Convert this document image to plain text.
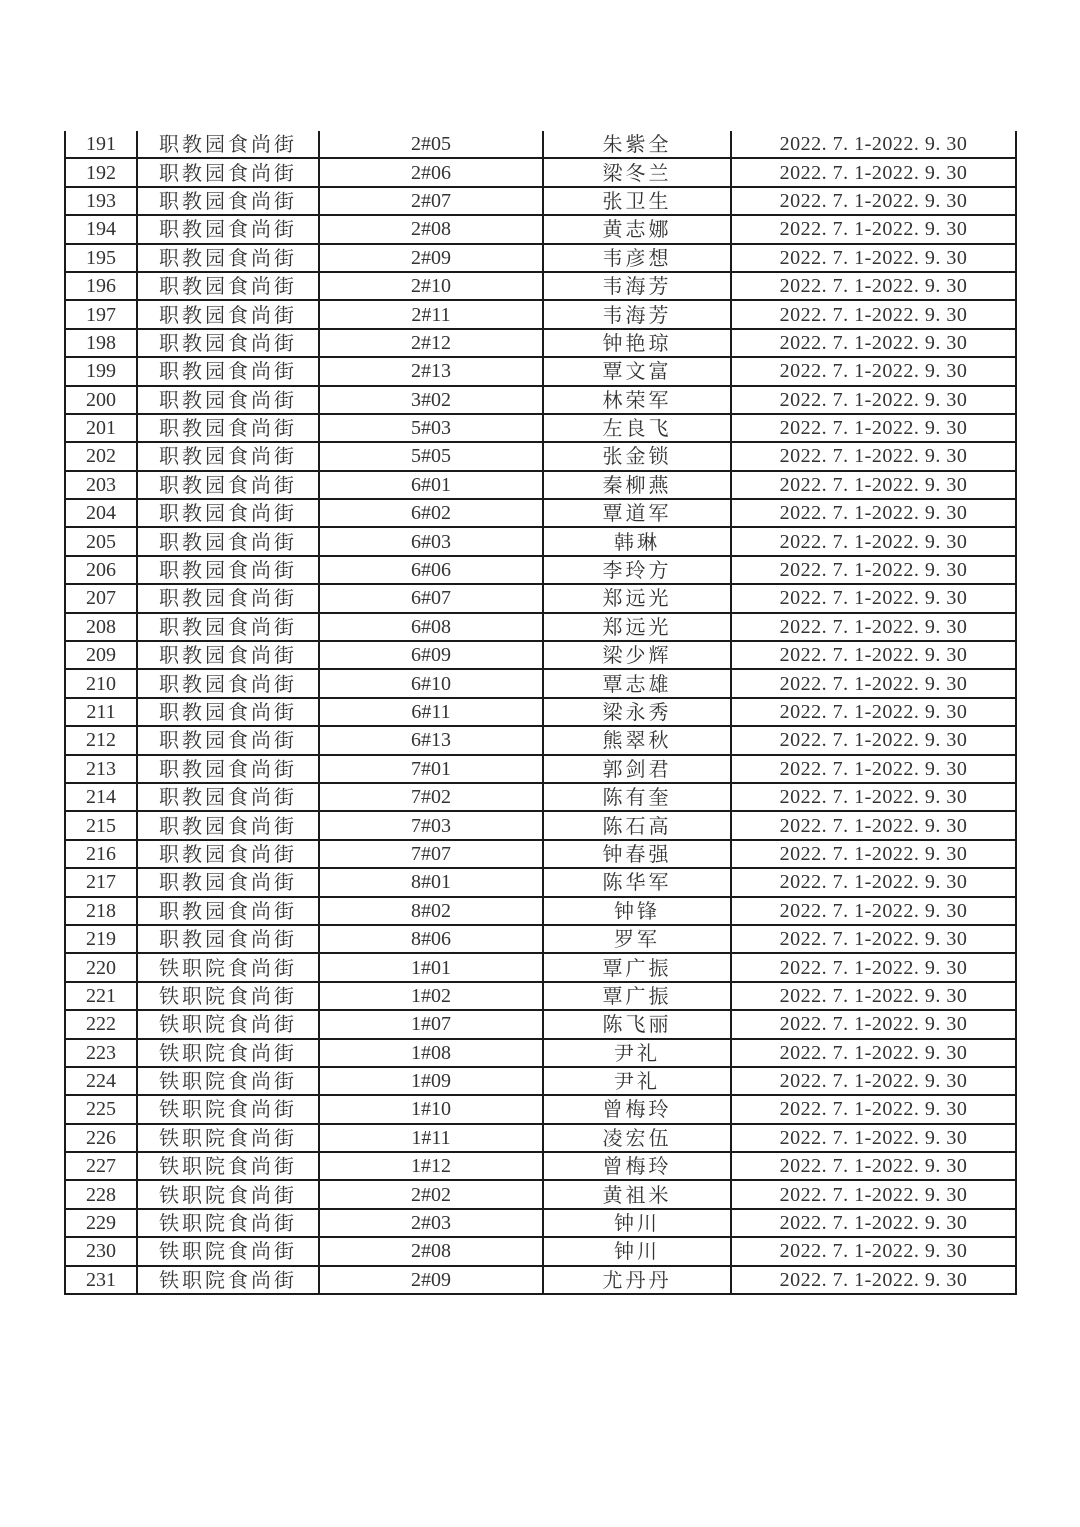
191	职教园食尚街	2#05	朱紫全	2022. 7. 1-2022. 9. 30
192	职教园食尚街	2#06	梁冬兰	2022. 7. 1-2022. 9. 30
193	职教园食尚街	2#07	张卫生	2022. 7. 1-2022. 9. 30
194	职教园食尚街	2#08	黄志娜	2022. 7. 1-2022. 9. 30
195	职教园食尚街	2#09	韦彦想	2022. 7. 1-2022. 9. 30
196	职教园食尚街	2#10	韦海芳	2022. 7. 1-2022. 9. 30
197	职教园食尚街	2#11	韦海芳	2022. 7. 1-2022. 9. 30
198	职教园食尚街	2#12	钟艳琼	2022. 7. 1-2022. 9. 30
199	职教园食尚街	2#13	覃文富	2022. 7. 1-2022. 9. 30
200	职教园食尚街	3#02	林荣军	2022. 7. 1-2022. 9. 30
201	职教园食尚街	5#03	左良飞	2022. 7. 1-2022. 9. 30
202	职教园食尚街	5#05	张金锁	2022. 7. 1-2022. 9. 30
203	职教园食尚街	6#01	秦柳燕	2022. 7. 1-2022. 9. 30
204	职教园食尚街	6#02	覃道军	2022. 7. 1-2022. 9. 30
205	职教园食尚街	6#03	韩琳	2022. 7. 1-2022. 9. 30
206	职教园食尚街	6#06	李玲方	2022. 7. 1-2022. 9. 30
207	职教园食尚街	6#07	郑远光	2022. 7. 1-2022. 9. 30
208	职教园食尚街	6#08	郑远光	2022. 7. 1-2022. 9. 30
209	职教园食尚街	6#09	梁少辉	2022. 7. 1-2022. 9. 30
210	职教园食尚街	6#10	覃志雄	2022. 7. 1-2022. 9. 30
211	职教园食尚街	6#11	梁永秀	2022. 7. 1-2022. 9. 30
212	职教园食尚街	6#13	熊翠秋	2022. 7. 1-2022. 9. 30
213	职教园食尚街	7#01	郭剑君	2022. 7. 1-2022. 9. 30
214	职教园食尚街	7#02	陈有奎	2022. 7. 1-2022. 9. 30
215	职教园食尚街	7#03	陈石高	2022. 7. 1-2022. 9. 30
216	职教园食尚街	7#07	钟春强	2022. 7. 1-2022. 9. 30
217	职教园食尚街	8#01	陈华军	2022. 7. 1-2022. 9. 30
218	职教园食尚街	8#02	钟锋	2022. 7. 1-2022. 9. 30
219	职教园食尚街	8#06	罗军	2022. 7. 1-2022. 9. 30
220	铁职院食尚街	1#01	覃广振	2022. 7. 1-2022. 9. 30
221	铁职院食尚街	1#02	覃广振	2022. 7. 1-2022. 9. 30
222	铁职院食尚街	1#07	陈飞丽	2022. 7. 1-2022. 9. 30
223	铁职院食尚街	1#08	尹礼	2022. 7. 1-2022. 9. 30
224	铁职院食尚街	1#09	尹礼	2022. 7. 1-2022. 9. 30
225	铁职院食尚街	1#10	曾梅玲	2022. 7. 1-2022. 9. 30
226	铁职院食尚街	1#11	凌宏伍	2022. 7. 1-2022. 9. 30
227	铁职院食尚街	1#12	曾梅玲	2022. 7. 1-2022. 9. 30
228	铁职院食尚街	2#02	黄祖米	2022. 7. 1-2022. 9. 30
229	铁职院食尚街	2#03	钟川	2022. 7. 1-2022. 9. 30
230	铁职院食尚街	2#08	钟川	2022. 7. 1-2022. 9. 30
231	铁职院食尚街	2#09	尤丹丹	2022. 7. 1-2022. 9. 30
